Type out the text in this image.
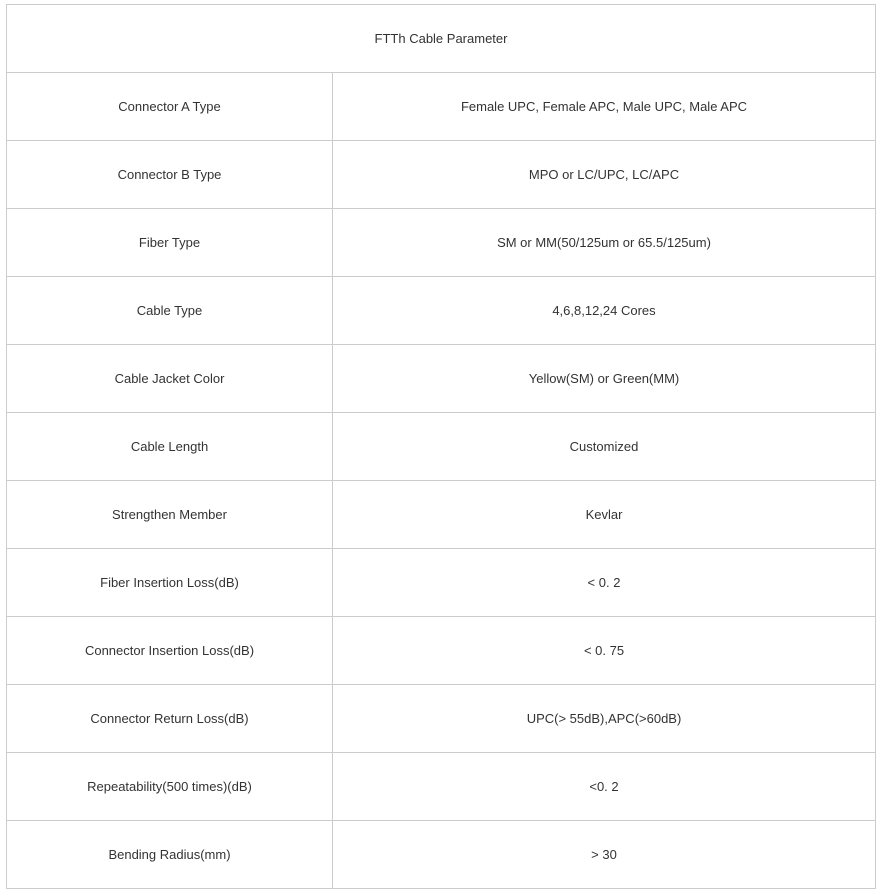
FTTh Cable Parameter	
Connector A Type	Female UPC, Female APC, Male UPC, Male APC
Connector B Type	MPO or LC/UPC, LC/APC
Fiber Type	SM or MM(50/125um or 65.5/125um)
Cable Type	4,6,8,12,24 Cores
Cable Jacket Color	Yellow(SM) or Green(MM)
Cable Length	Customized
Strengthen Member	Kevlar
Fiber Insertion Loss(dB)	< 0. 2
Connector Insertion Loss(dB)	< 0. 75
Connector Return Loss(dB)	UPC(> 55dB),APC(>60dB)
Repeatability(500 times)(dB)	<0. 2
Bending Radius(mm)	> 30
